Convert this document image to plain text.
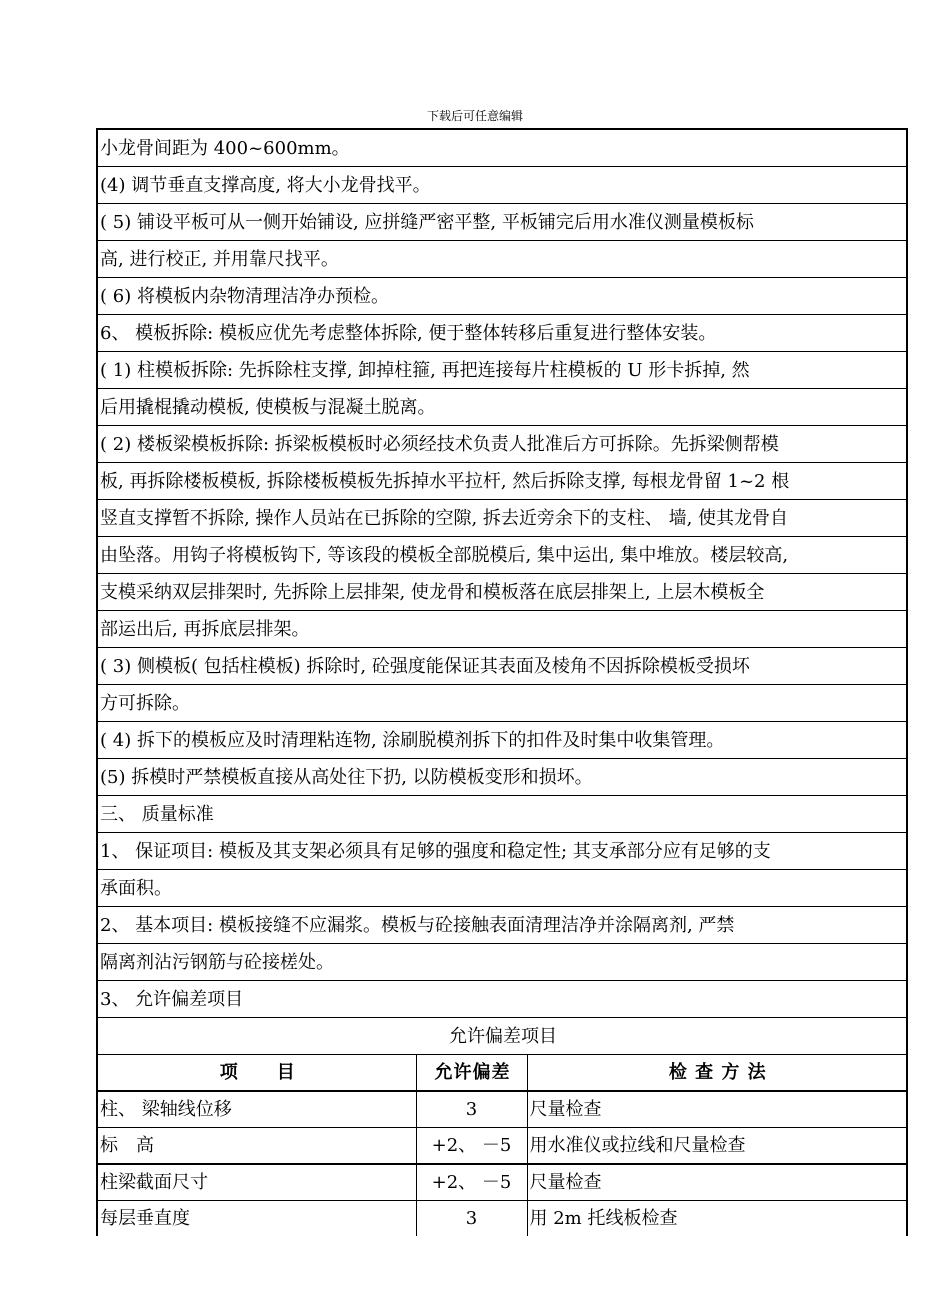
下载后可任意编辑
小龙骨间距为 400~600mm。
(4) 调节垂直支撑高度, 将大小龙骨找平。
( 5) 铺设平板可从一侧开始铺设, 应拼缝严密平整, 平板铺完后用水准仪测量模板标
高, 进行校正, 并用靠尺找平。
( 6) 将模板内杂物清理洁净办预检。
6、 模板拆除: 模板应优先考虑整体拆除, 便于整体转移后重复进行整体安装。
( 1) 柱模板拆除: 先拆除柱支撑, 卸掉柱箍, 再把连接每片柱模板的 U 形卡拆掉, 然
后用撬棍撬动模板, 使模板与混凝土脱离。
( 2) 楼板梁模板拆除: 拆梁板模板时必须经技术负责人批准后方可拆除。先拆梁侧帮模
板, 再拆除楼板模板, 拆除楼板模板先拆掉水平拉杆, 然后拆除支撑, 每根龙骨留 1~2 根
竖直支撑暂不拆除, 操作人员站在已拆除的空隙, 拆去近旁余下的支柱、 墙, 使其龙骨自
由坠落。用钩子将模板钩下, 等该段的模板全部脱模后, 集中运出, 集中堆放。楼层较高,
支模采纳双层排架时, 先拆除上层排架, 使龙骨和模板落在底层排架上, 上层木模板全
部运出后, 再拆底层排架。
( 3) 侧模板( 包括柱模板) 拆除时, 砼强度能保证其表面及棱角不因拆除模板受损坏
方可拆除。
( 4) 拆下的模板应及时清理粘连物, 涂刷脱模剂拆下的扣件及时集中收集管理。
(5) 拆模时严禁模板直接从高处往下扔, 以防模板变形和损坏。
三、 质量标准
1、 保证项目: 模板及其支架必须具有足够的强度和稳定性; 其支承部分应有足够的支
承面积。
2、 基本项目: 模板接缝不应漏浆。模板与砼接触表面清理洁净并涂隔离剂, 严禁
隔离剂沾污钢筋与砼接槎处。
3、 允许偏差项目
允许偏差项目
项　　目	允许偏差	检 查 方 法
柱、 梁轴线位移	3	尺量检查
标　高	+2、 －5	用水准仪或拉线和尺量检查
柱梁截面尺寸	+2、 －5	尺量检查
每层垂直度	3	用 2m 托线板检查
